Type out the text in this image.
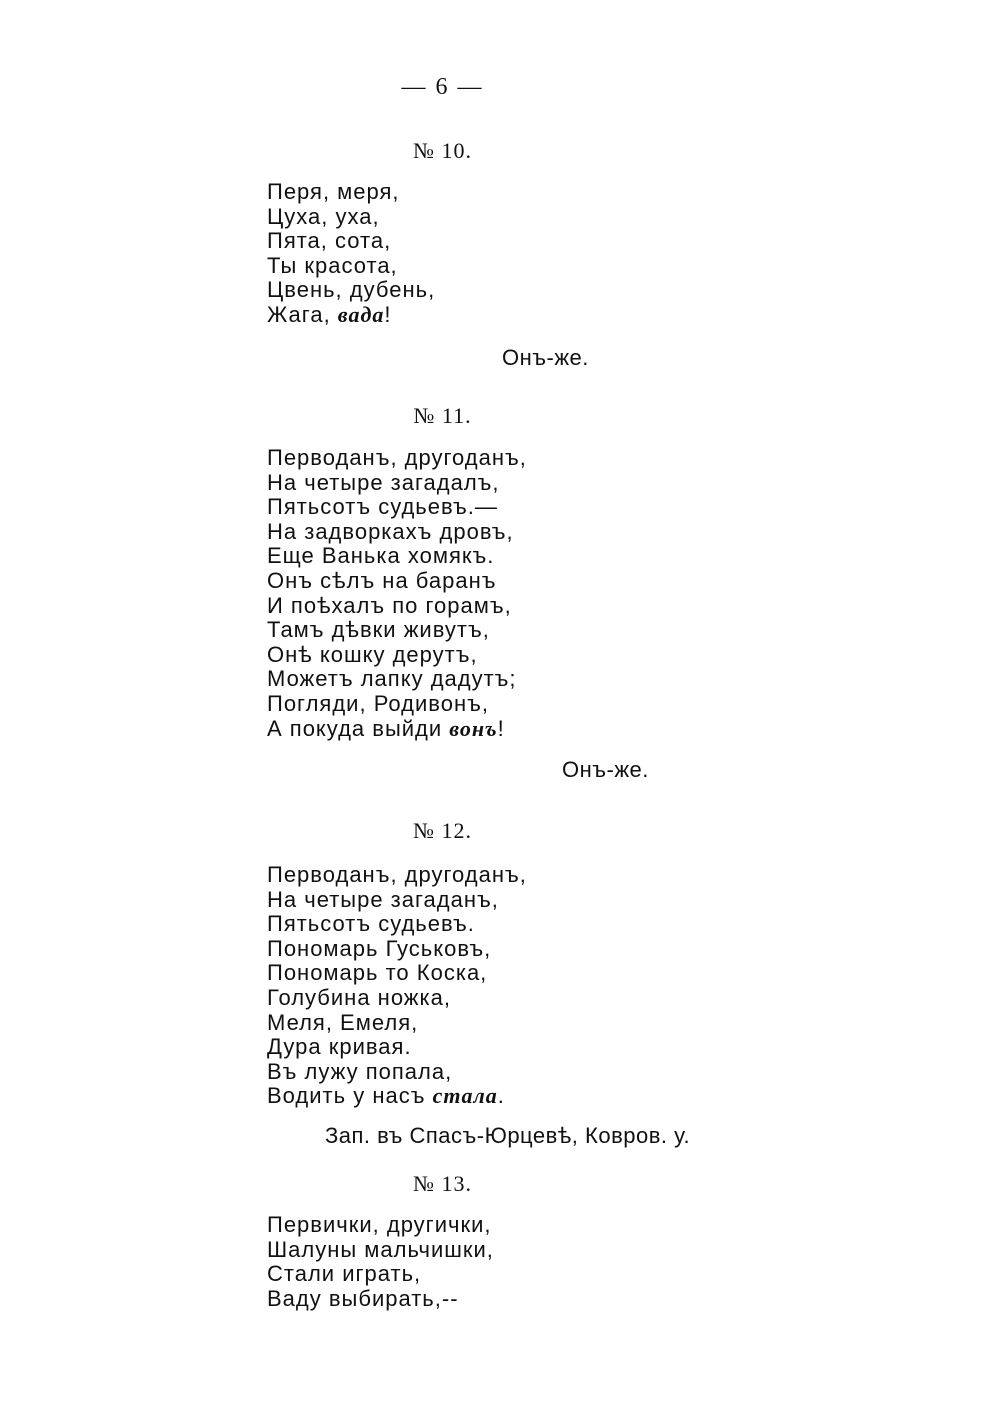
— 6 —
№ 10.
Перя, меря,
Цуха, уха,
Пята, сота,
Ты красота,
Цвень, дубень,
Жага, вада!
Онъ-же.
№ 11.
Перводанъ, другоданъ,
На четыре загадалъ,
Пятьсотъ судьевъ.—
На задворкахъ дровъ,
Еще Ванька хомякъ.
Онъ сѣлъ на баранъ
И поѣхалъ по горамъ,
Тамъ дѣвки живутъ,
Онѣ кошку дерутъ,
Можетъ лапку дадутъ;
Погляди, Родивонъ,
А покуда выйди вонъ!
Онъ-же.
№ 12.
Перводанъ, другоданъ,
На четыре загаданъ,
Пятьсотъ судьевъ.
Пономарь Гуськовъ,
Пономарь то Коска,
Голубина ножка,
Меля, Емеля,
Дура кривая.
Въ лужу попала,
Водить у насъ стала.
Зап. въ Спасъ-Юрцевѣ, Ковров. у.
№ 13.
Первички, другички,
Шалуны мальчишки,
Стали играть,
Ваду выбирать,--
